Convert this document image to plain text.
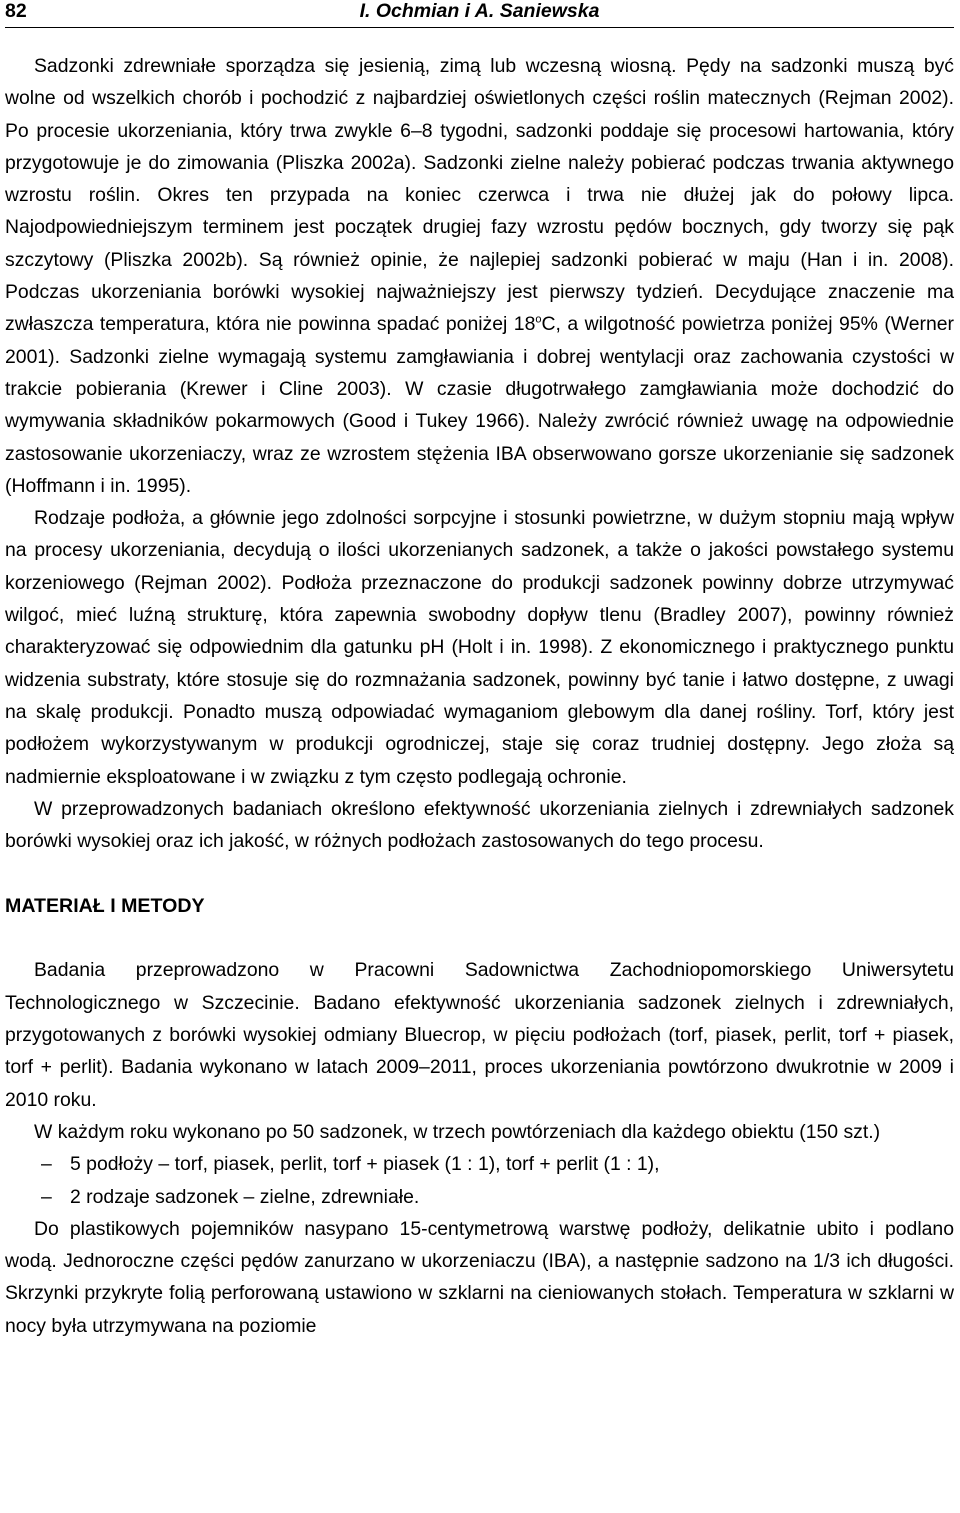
82	I. Ochmian i A. Saniewska

Sadzonki zdrewniałe sporządza się jesienią, zimą lub wczesną wiosną. Pędy na sadzonki muszą być wolne od wszelkich chorób i pochodzić z najbardziej oświetlonych części roślin matecznych (Rejman 2002). Po procesie ukorzeniania, który trwa zwykle 6–8 tygodni, sadzonki poddaje się procesowi hartowania, który przygotowuje je do zimowania (Pliszka 2002a). Sadzonki zielne należy pobierać podczas trwania aktywnego wzrostu roślin. Okres ten przypada na koniec czerwca i trwa nie dłużej jak do połowy lipca. Najodpowiedniejszym terminem jest początek drugiej fazy wzrostu pędów bocznych, gdy tworzy się pąk szczytowy (Pliszka 2002b). Są również opinie, że najlepiej sadzonki pobierać w maju (Han i in. 2008). Podczas ukorzeniania borówki wysokiej najważniejszy jest pierwszy tydzień. Decydujące znaczenie ma zwłaszcza temperatura, która nie powinna spadać poniżej 18$^o$C, a wilgotność powietrza poniżej 95% (Werner 2001). Sadzonki zielne wymagają systemu zamgławiania i dobrej wentylacji oraz zachowania czystości w trakcie pobierania (Krewer i Cline 2003). W czasie długotrwałego zamgławiania może dochodzić do wymywania składników pokarmowych (Good i Tukey 1966). Należy zwrócić również uwagę na odpowiednie zastosowanie ukorzeniaczy, wraz ze wzrostem stężenia IBA obserwowano gorsze ukorzenianie się sadzonek (Hoffmann i in. 1995).

Rodzaje podłoża, a głównie jego zdolności sorpcyjne i stosunki powietrzne, w dużym stopniu mają wpływ na procesy ukorzeniania, decydują o ilości ukorzenianych sadzonek, a także o jakości powstałego systemu korzeniowego (Rejman 2002). Podłoża przeznaczone do produkcji sadzonek powinny dobrze utrzymywać wilgoć, mieć luźną strukturę, która zapewnia swobodny dopływ tlenu (Bradley 2007), powinny również charakteryzować się odpowiednim dla gatunku pH (Holt i in. 1998). Z ekonomicznego i praktycznego punktu widzenia substraty, które stosuje się do rozmnażania sadzonek, powinny być tanie i łatwo dostępne, z uwagi na skalę produkcji. Ponadto muszą odpowiadać wymaganiom glebowym dla danej rośliny. Torf, który jest podłożem wykorzystywanym w produkcji ogrodniczej, staje się coraz trudniej dostępny. Jego złoża są nadmiernie eksploatowane i w związku z tym często podlegają ochronie.

W przeprowadzonych badaniach określono efektywność ukorzeniania zielnych i zdrewniałych sadzonek borówki wysokiej oraz ich jakość, w różnych podłożach zastosowanych do tego procesu.

MATERIAŁ I METODY

Badania przeprowadzono w Pracowni Sadownictwa Zachodniopomorskiego Uniwersytetu Technologicznego w Szczecinie. Badano efektywność ukorzeniania sadzonek zielnych i zdrewniałych, przygotowanych z borówki wysokiej odmiany Bluecrop, w pięciu podłożach (torf, piasek, perlit, torf + piasek, torf + perlit). Badania wykonano w latach 2009–2011, proces ukorzeniania powtórzono dwukrotnie w 2009 i 2010 roku.

W każdym roku wykonano po 50 sadzonek, w trzech powtórzeniach dla każdego obiektu (150 szt.)

– 5 podłoży – torf, piasek, perlit, torf + piasek (1 : 1), torf + perlit (1 : 1),
– 2 rodzaje sadzonek – zielne, zdrewniałe.

Do plastikowych pojemników nasypano 15-centymetrową warstwę podłoży, delikatnie ubito i podlano wodą. Jednoroczne części pędów zanurzano w ukorzeniaczu (IBA), a następnie sadzono na 1/3 ich długości. Skrzynki przykryte folią perforowaną ustawiono w szklarni na cieniowanych stołach. Temperatura w szklarni w nocy była utrzymywana na poziomie
